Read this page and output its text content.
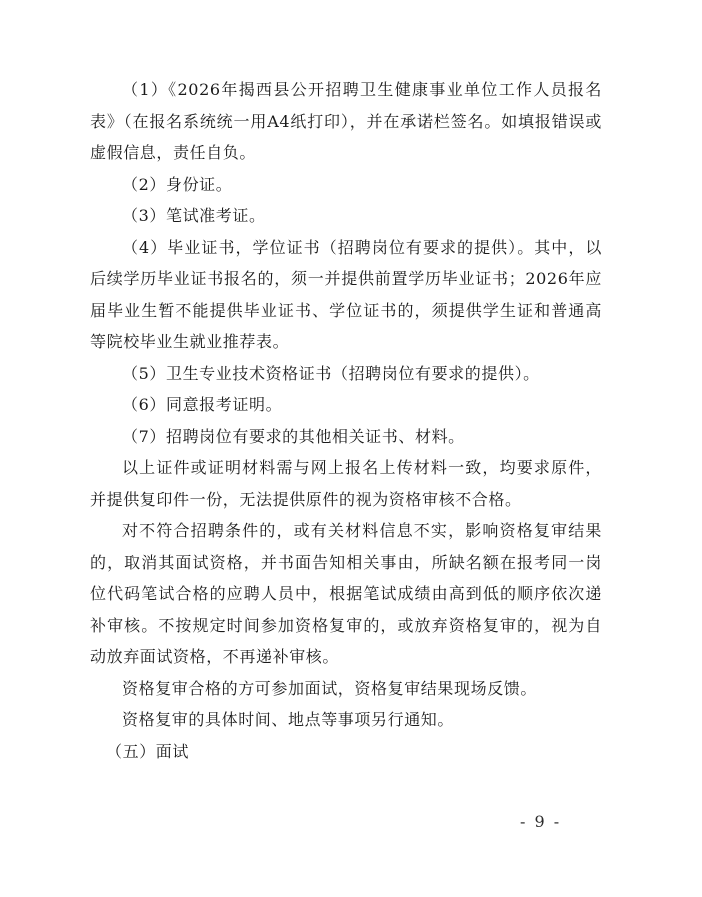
（1）《2026年揭西县公开招聘卫生健康事业单位工作人员报名表》（在报名系统统一用A4纸打印），并在承诺栏签名。如填报错误或虚假信息，责任自负。

（2）身份证。

（3）笔试准考证。

（4）毕业证书，学位证书（招聘岗位有要求的提供）。其中，以后续学历毕业证书报名的，须一并提供前置学历毕业证书；2026年应届毕业生暂不能提供毕业证书、学位证书的，须提供学生证和普通高等院校毕业生就业推荐表。

（5）卫生专业技术资格证书（招聘岗位有要求的提供）。

（6）同意报考证明。

（7）招聘岗位有要求的其他相关证书、材料。

以上证件或证明材料需与网上报名上传材料一致，均要求原件，并提供复印件一份，无法提供原件的视为资格审核不合格。

对不符合招聘条件的，或有关材料信息不实，影响资格复审结果的，取消其面试资格，并书面告知相关事由，所缺名额在报考同一岗位代码笔试合格的应聘人员中，根据笔试成绩由高到低的顺序依次递补审核。不按规定时间参加资格复审的，或放弃资格复审的，视为自动放弃面试资格，不再递补审核。

资格复审合格的方可参加面试，资格复审结果现场反馈。

资格复审的具体时间、地点等事项另行通知。

（五）面试

- 9 -
